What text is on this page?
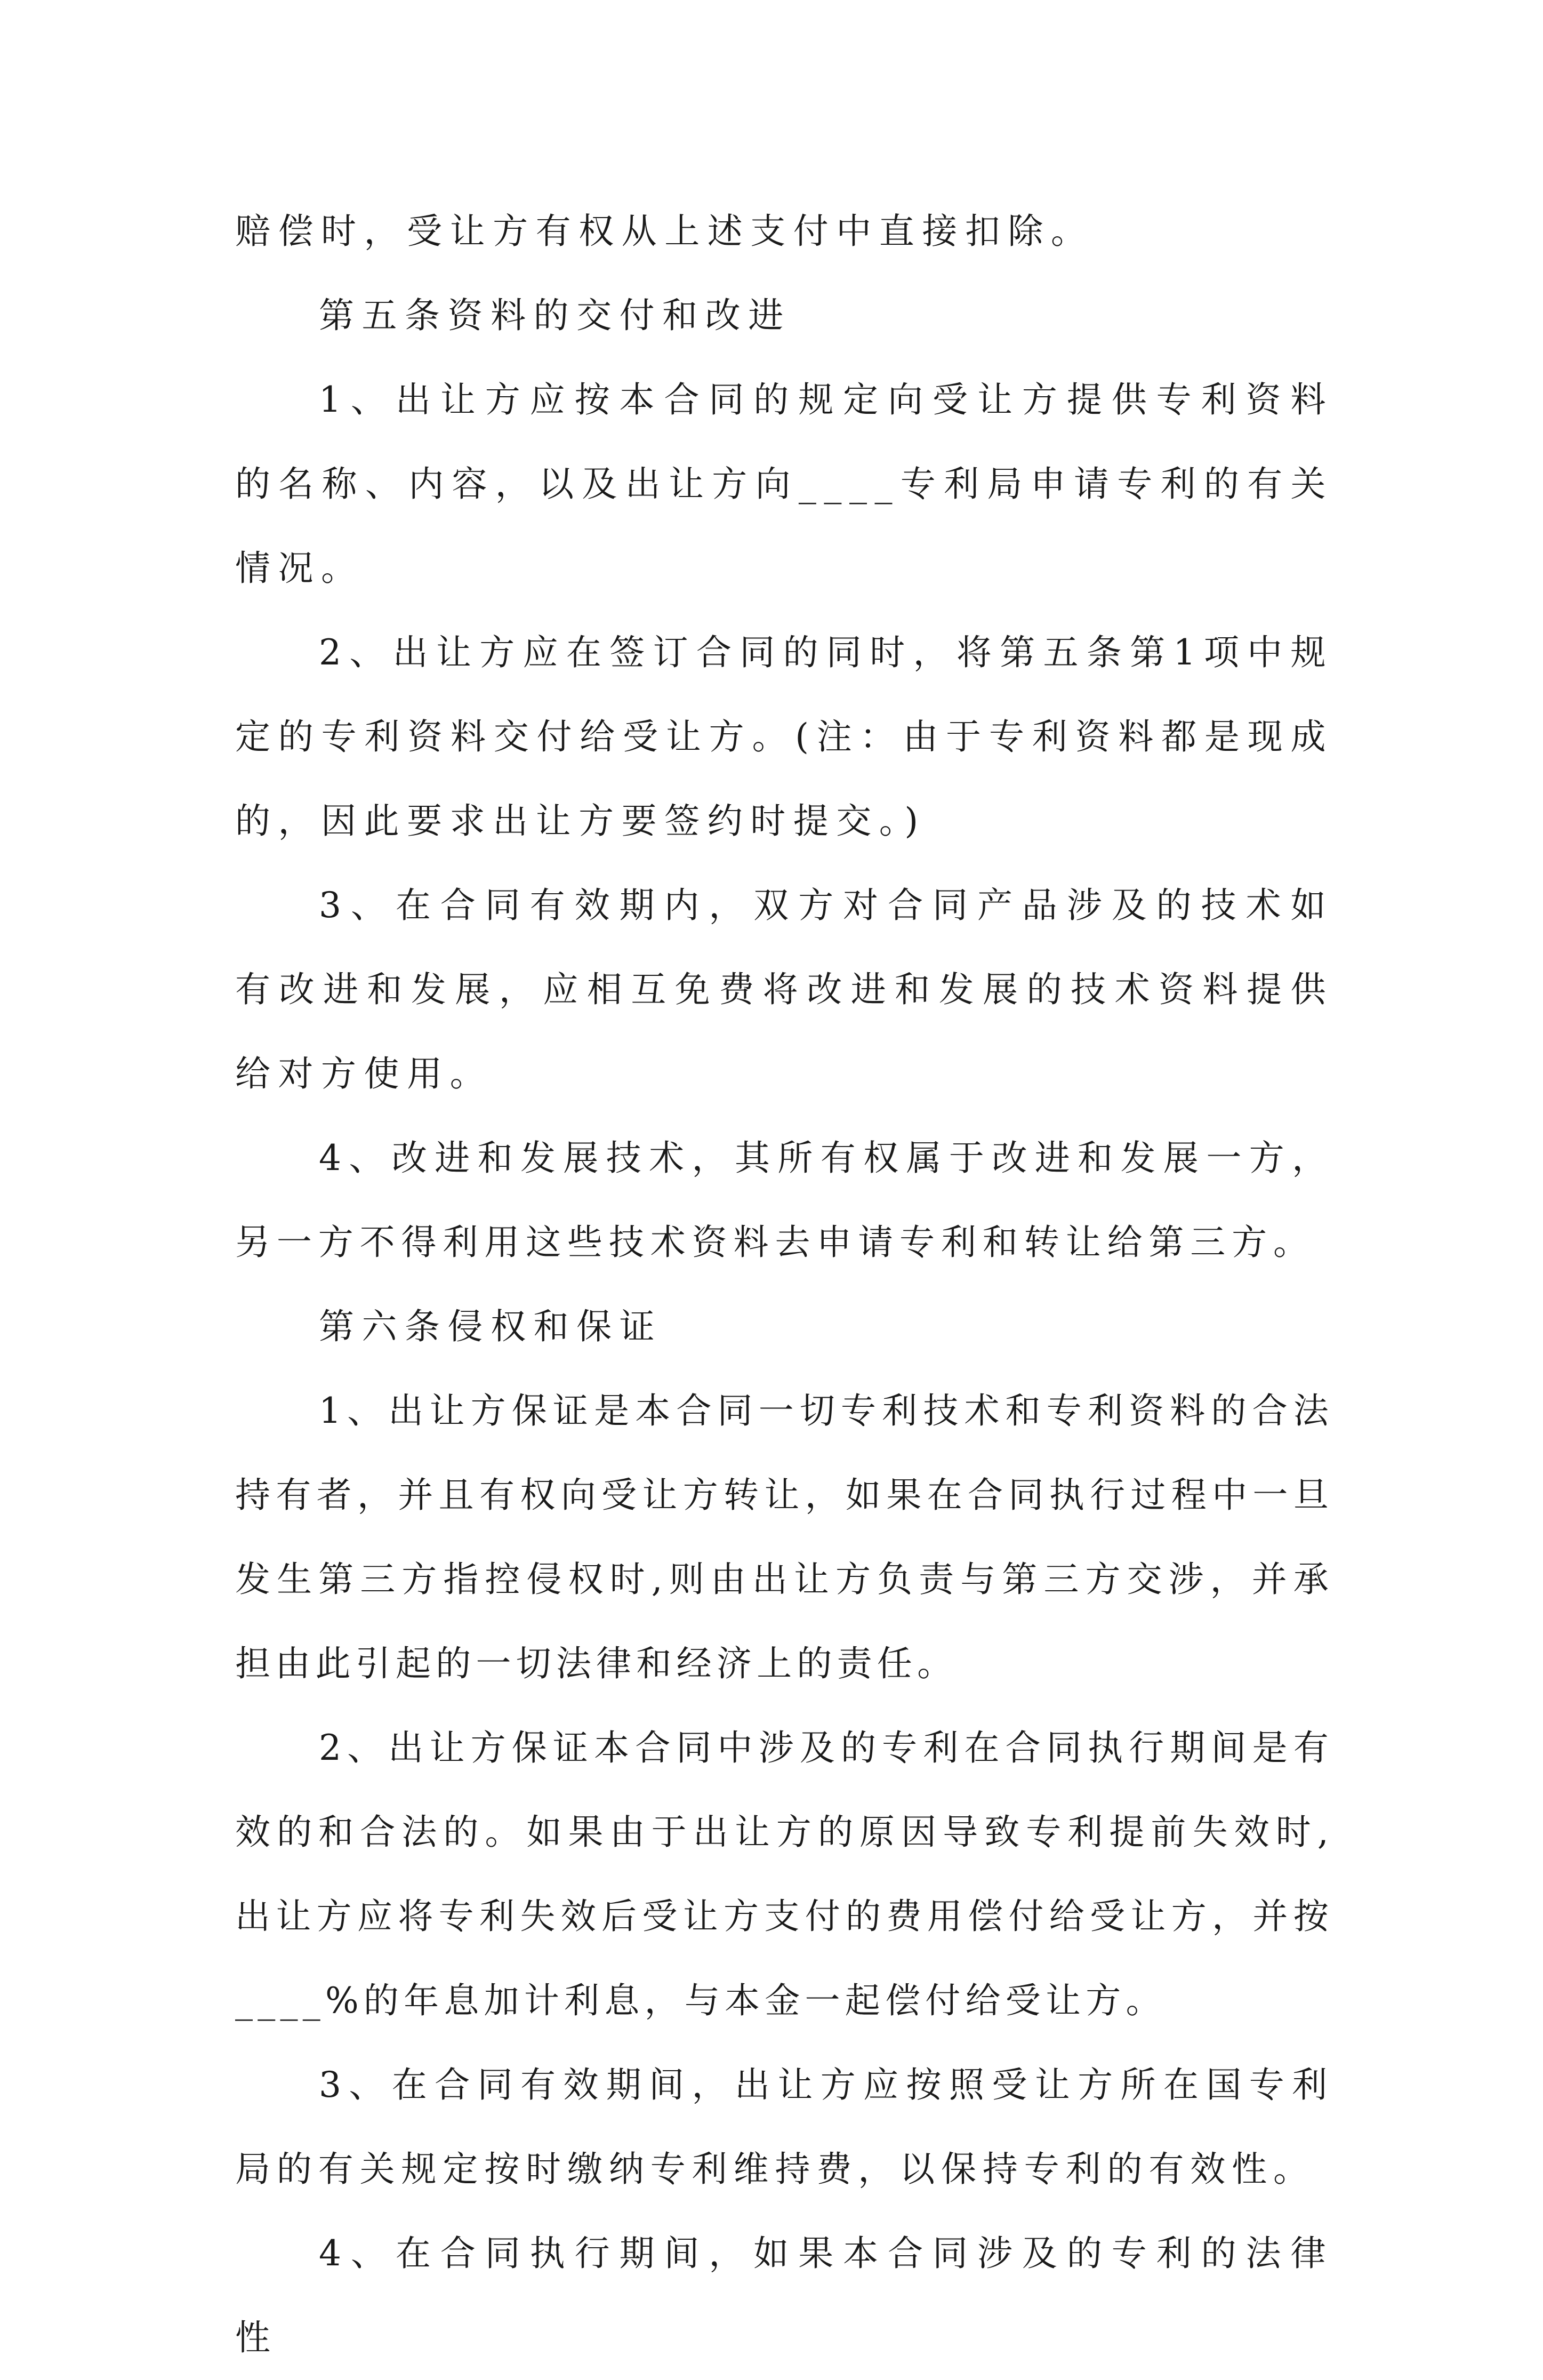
赔偿时，受让方有权从上述支付中直接扣除。

第五条资料的交付和改进

1、出让方应按本合同的规定向受让方提供专利资料的名称、内容，以及出让方向____专利局申请专利的有关情况。

2、出让方应在签订合同的同时，将第五条第1项中规定的专利资料交付给受让方。(注：由于专利资料都是现成的，因此要求出让方要签约时提交。)

3、在合同有效期内，双方对合同产品涉及的技术如有改进和发展，应相互免费将改进和发展的技术资料提供给对方使用。

4、改进和发展技术，其所有权属于改进和发展一方，另一方不得利用这些技术资料去申请专利和转让给第三方。

第六条侵权和保证

1、出让方保证是本合同一切专利技术和专利资料的合法持有者，并且有权向受让方转让，如果在合同执行过程中一旦发生第三方指控侵权时,则由出让方负责与第三方交涉，并承担由此引起的一切法律和经济上的责任。

2、出让方保证本合同中涉及的专利在合同执行期间是有效的和合法的。如果由于出让方的原因导致专利提前失效时,出让方应将专利失效后受让方支付的费用偿付给受让方，并按____%的年息加计利息，与本金一起偿付给受让方。

3、在合同有效期间，出让方应按照受让方所在国专利局的有关规定按时缴纳专利维持费，以保持专利的有效性。

4、在合同执行期间，如果本合同涉及的专利的法律性
